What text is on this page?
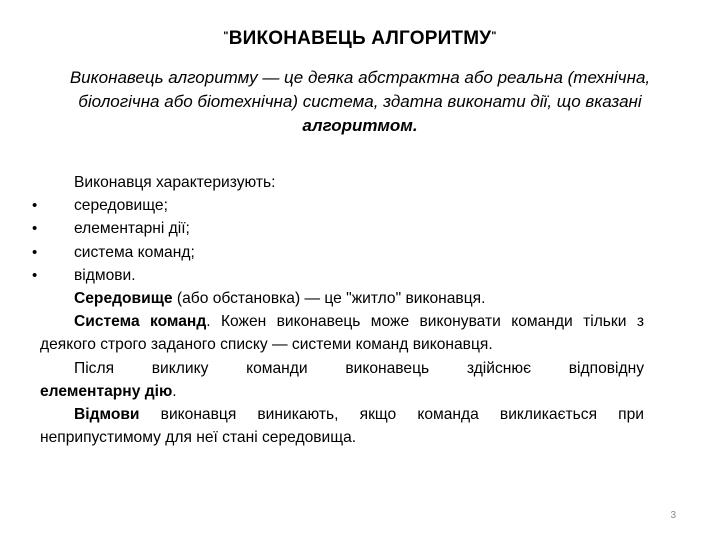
"ВИКОНАВЕЦЬ АЛГОРИТМУ"
Виконавець алгоритму — це деяка абстрактна або реальна (технічна, біологічна або біотехнічна) система, здатна виконати дії, що вказані алгоритмом.
Виконавця характеризують:
• середовище;
• елементарні дії;
• система команд;
• відмови.
Середовище (або обстановка) — це "житло" виконавця.
Система команд. Кожен виконавець може виконувати команди тільки з деякого строго заданого списку — системи команд виконавця.
Після виклику команди виконавець здійснює відповідну
елементарну дію.
Відмови виконавця виникають, якщо команда викликається при неприпустимому для неї стані середовища.
3
